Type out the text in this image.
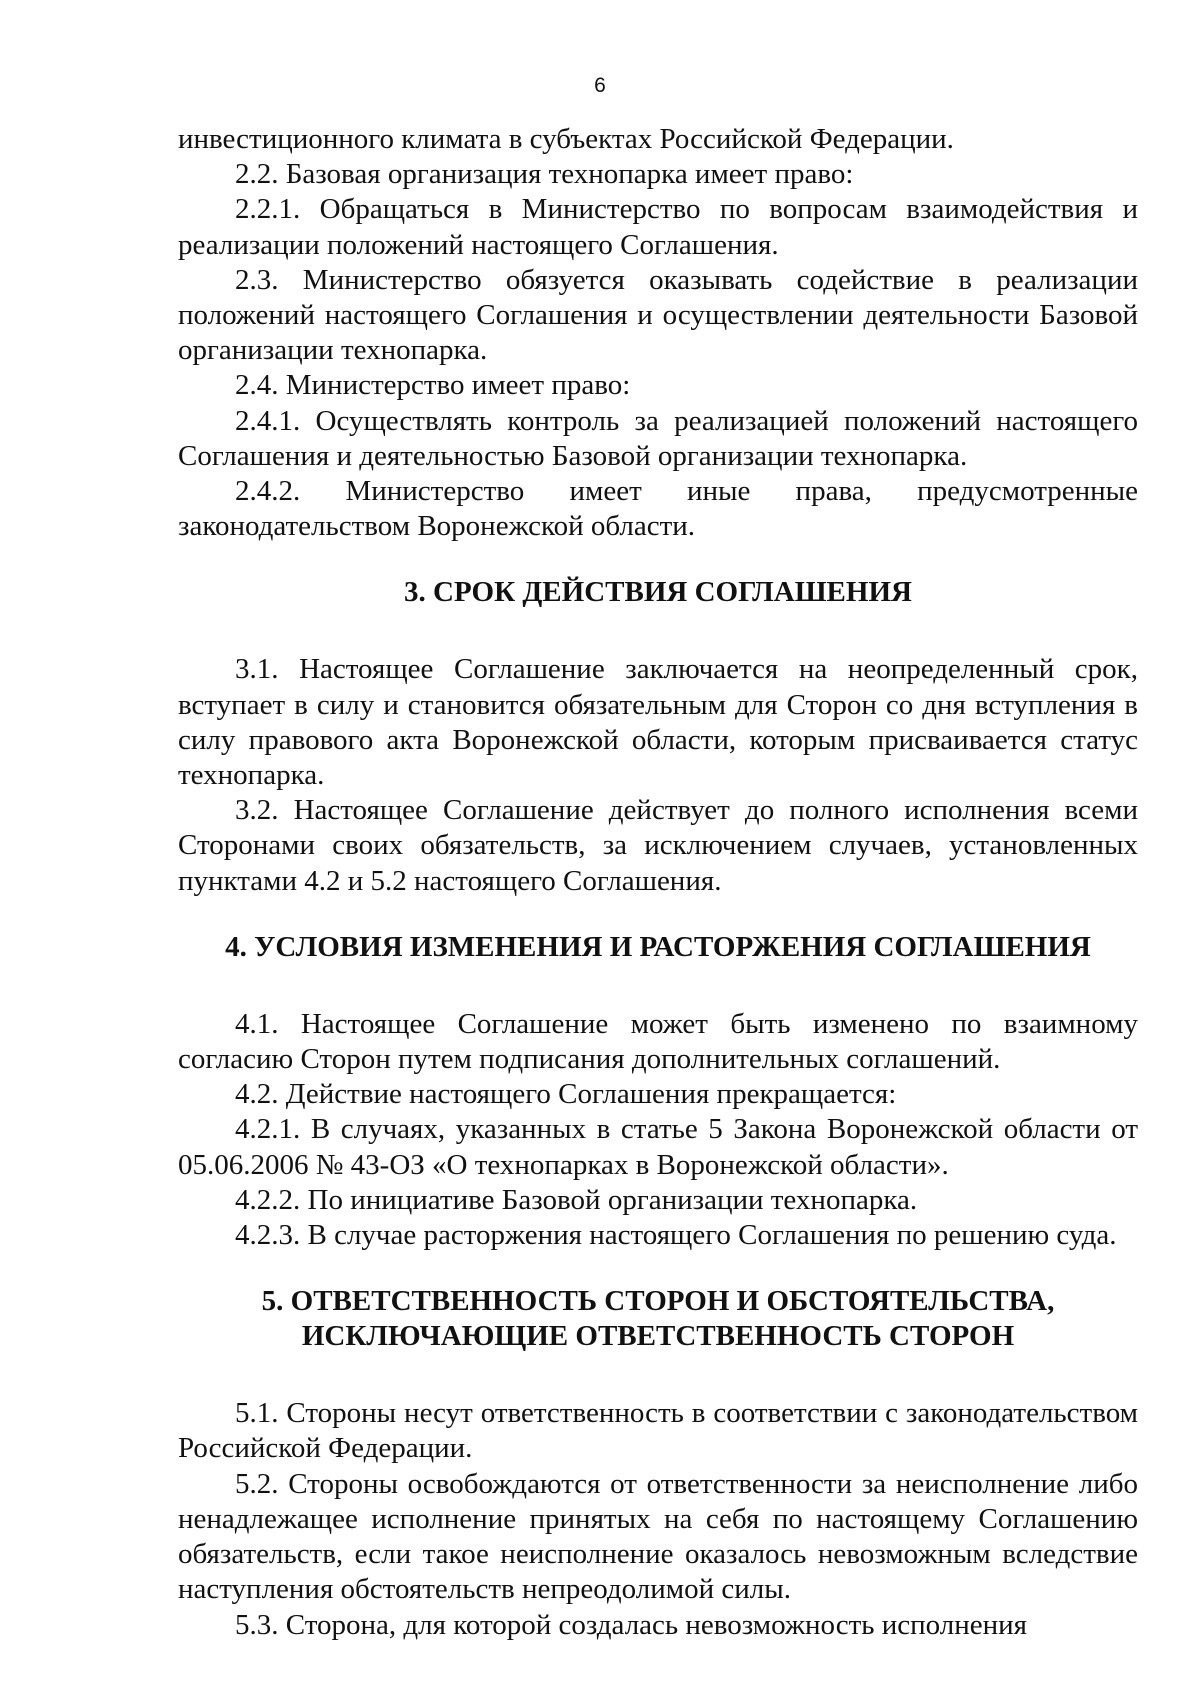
6

инвестиционного климата в субъектах Российской Федерации.

2.2. Базовая организация технопарка имеет право:

2.2.1. Обращаться в Министерство по вопросам взаимодействия и реализации положений настоящего Соглашения.

2.3. Министерство обязуется оказывать содействие в реализации положений настоящего Соглашения и осуществлении деятельности Базовой организации технопарка.

2.4. Министерство имеет право:

2.4.1. Осуществлять контроль за реализацией положений настоящего Соглашения и деятельностью Базовой организации технопарка.

2.4.2. Министерство имеет иные права, предусмотренные законодательством Воронежской области.

3. СРОК ДЕЙСТВИЯ СОГЛАШЕНИЯ

3.1. Настоящее Соглашение заключается на неопределенный срок, вступает в силу и становится обязательным для Сторон со дня вступления в силу правового акта Воронежской области, которым присваивается статус технопарка.

3.2. Настоящее Соглашение действует до полного исполнения всеми Сторонами своих обязательств, за исключением случаев, установленных пунктами 4.2 и 5.2 настоящего Соглашения.

4. УСЛОВИЯ ИЗМЕНЕНИЯ И РАСТОРЖЕНИЯ СОГЛАШЕНИЯ

4.1. Настоящее Соглашение может быть изменено по взаимному согласию Сторон путем подписания дополнительных соглашений.

4.2. Действие настоящего Соглашения прекращается:

4.2.1. В случаях, указанных в статье 5 Закона Воронежской области от 05.06.2006 № 43-ОЗ «О технопарках в Воронежской области».

4.2.2. По инициативе Базовой организации технопарка.

4.2.3. В случае расторжения настоящего Соглашения по решению суда.

5. ОТВЕТСТВЕННОСТЬ СТОРОН И ОБСТОЯТЕЛЬСТВА,
ИСКЛЮЧАЮЩИЕ ОТВЕТСТВЕННОСТЬ СТОРОН

5.1. Стороны несут ответственность в соответствии с законодательством Российской Федерации.

5.2. Стороны освобождаются от ответственности за неисполнение либо ненадлежащее исполнение принятых на себя по настоящему Соглашению обязательств, если такое неисполнение оказалось невозможным вследствие наступления обстоятельств непреодолимой силы.

5.3. Сторона, для которой создалась невозможность исполнения
